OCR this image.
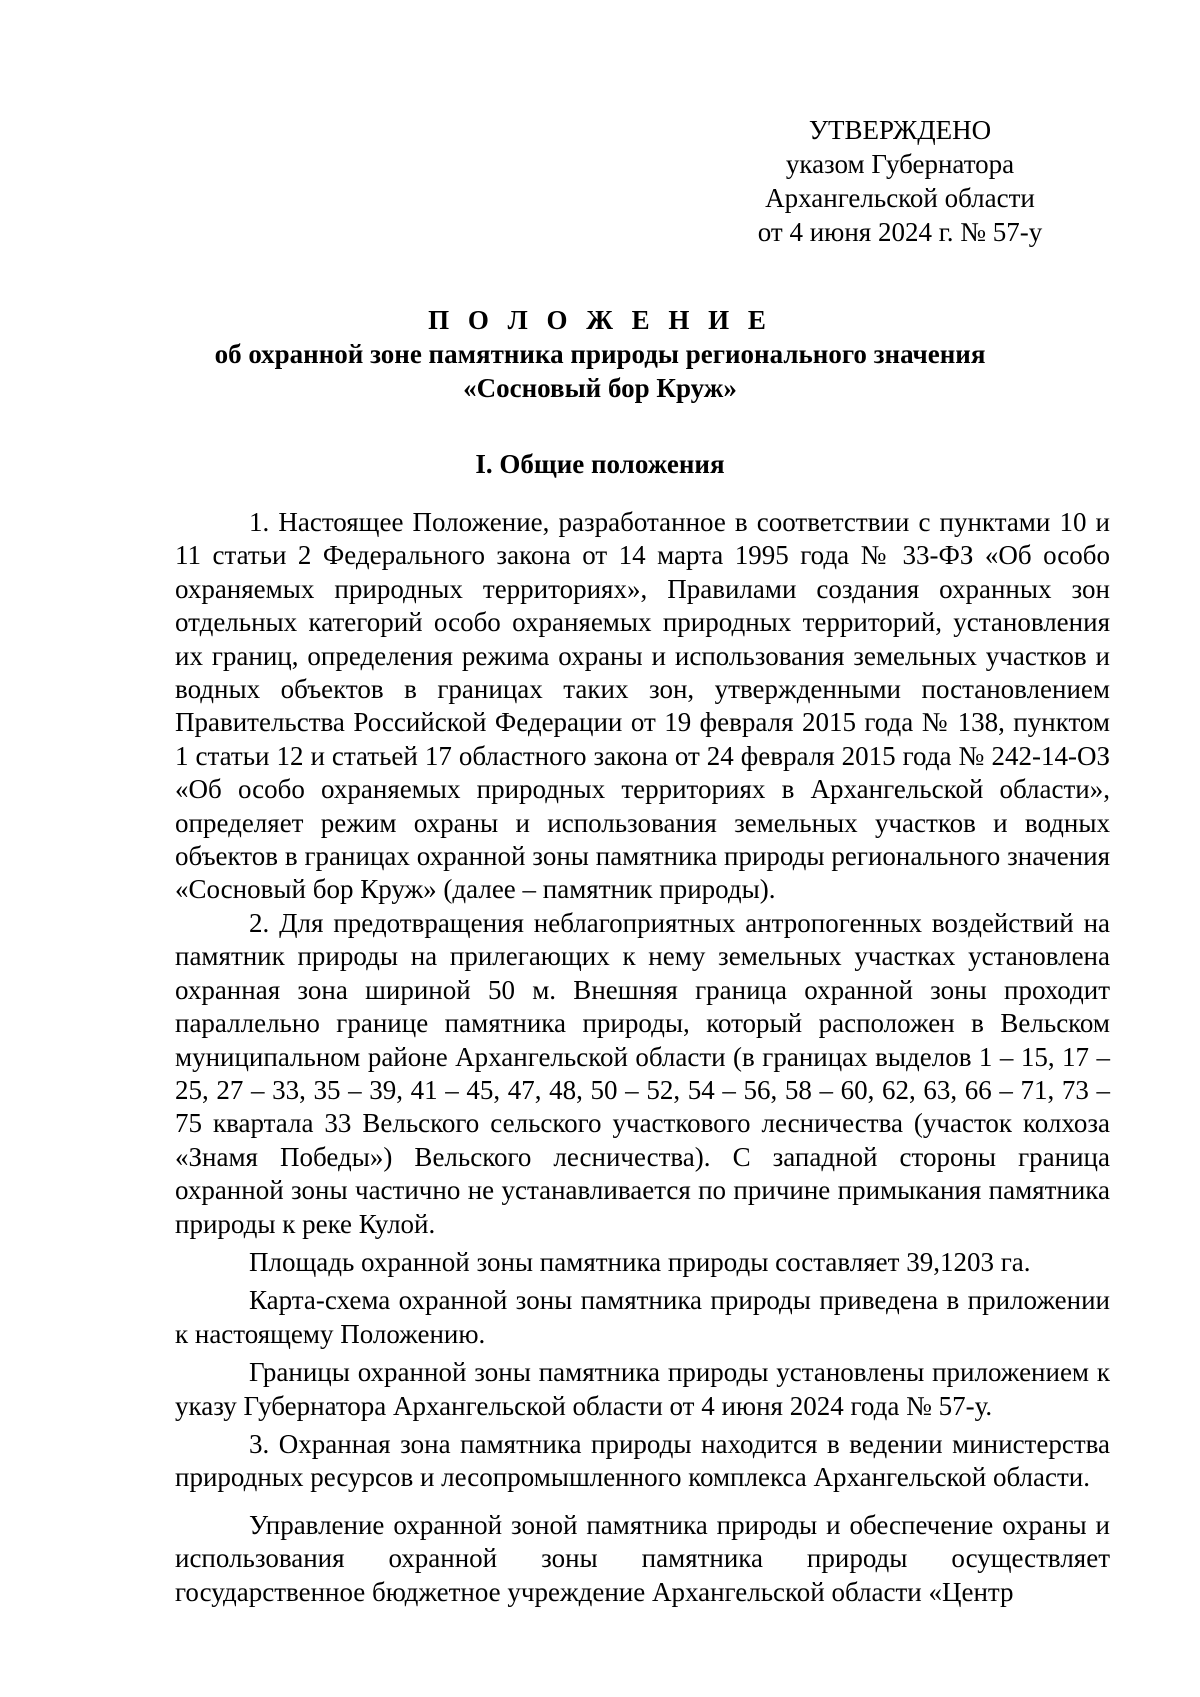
УТВЕРЖДЕНО
указом Губернатора
Архангельской области
от 4 июня 2024 г. № 57-у
П О Л О Ж Е Н И Е
об охранной зоне памятника природы регионального значения
«Сосновый бор Круж»
I. Общие положения

1. Настоящее Положение, разработанное в соответствии с пунктами 10 и 11 статьи 2 Федерального закона от 14 марта 1995 года № 33-ФЗ «Об особо охраняемых природных территориях», Правилами создания охранных зон отдельных категорий особо охраняемых природных территорий, установления их границ, определения режима охраны и использования земельных участков и водных объектов в границах таких зон, утвержденными постановлением Правительства Российской Федерации от 19 февраля 2015 года № 138, пунктом 1 статьи 12 и статьей 17 областного закона от 24 февраля 2015 года № 242-14-ОЗ «Об особо охраняемых природных территориях в Архангельской области», определяет режим охраны и использования земельных участков и водных объектов в границах охранной зоны памятника природы регионального значения «Сосновый бор Круж» (далее – памятник природы).

2. Для предотвращения неблагоприятных антропогенных воздействий на памятник природы на прилегающих к нему земельных участках установлена охранная зона шириной 50 м. Внешняя граница охранной зоны проходит параллельно границе памятника природы, который расположен в Вельском муниципальном районе Архангельской области (в границах выделов 1 – 15, 17 – 25, 27 – 33, 35 – 39, 41 – 45, 47, 48, 50 – 52, 54 – 56, 58 – 60, 62, 63, 66 – 71, 73 – 75 квартала 33 Вельского сельского участкового лесничества (участок колхоза «Знамя Победы») Вельского лесничества). С западной стороны граница охранной зоны частично не устанавливается по причине примыкания памятника природы к реке Кулой.

Площадь охранной зоны памятника природы составляет 39,1203 га.

Карта-схема охранной зоны памятника природы приведена в приложении к настоящему Положению.

Границы охранной зоны памятника природы установлены приложением к указу Губернатора Архангельской области от 4 июня 2024 года № 57-у.

3. Охранная зона памятника природы находится в ведении министерства природных ресурсов и лесопромышленного комплекса Архангельской области.

Управление охранной зоной памятника природы и обеспечение охраны и использования охранной зоны памятника природы осуществляет государственное бюджетное учреждение Архангельской области «Центр
